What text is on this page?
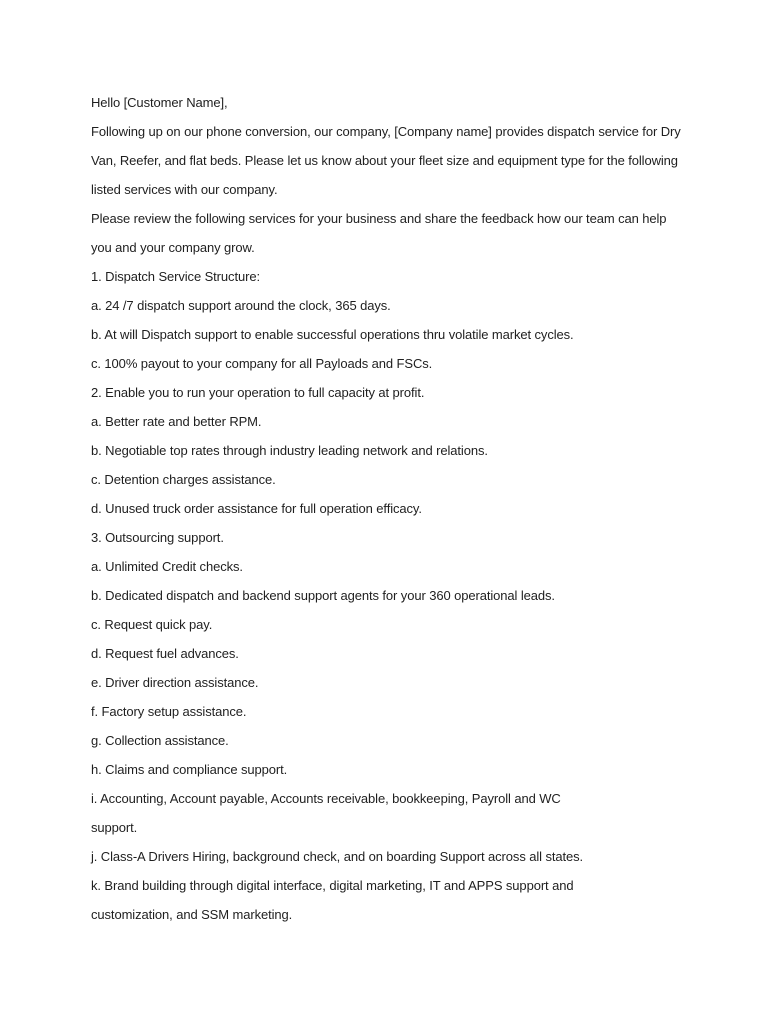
Hello [Customer Name],
Following up on our phone conversion, our company, [Company name] provides dispatch service for Dry
Van, Reefer, and flat beds. Please let us know about your fleet size and equipment type for the following
listed services with our company.
Please review the following services for your business and share the feedback how our team can help
you and your company grow.
1. Dispatch Service Structure:
a. 24 /7 dispatch support around the clock, 365 days.
b. At will Dispatch support to enable successful operations thru volatile market cycles.
c. 100% payout to your company for all Payloads and FSCs.
2. Enable you to run your operation to full capacity at profit.
a. Better rate and better RPM.
b. Negotiable top rates through industry leading network and relations.
c. Detention charges assistance.
d. Unused truck order assistance for full operation efficacy.
3. Outsourcing support.
a. Unlimited Credit checks.
b. Dedicated dispatch and backend support agents for your 360 operational leads.
c. Request quick pay.
d. Request fuel advances.
e. Driver direction assistance.
f. Factory setup assistance.
g. Collection assistance.
h. Claims and compliance support.
i. Accounting, Account payable, Accounts receivable, bookkeeping, Payroll and WC
support.
j. Class-A Drivers Hiring, background check, and on boarding Support across all states.
k. Brand building through digital interface, digital marketing, IT and APPS support and
customization, and SSM marketing.
